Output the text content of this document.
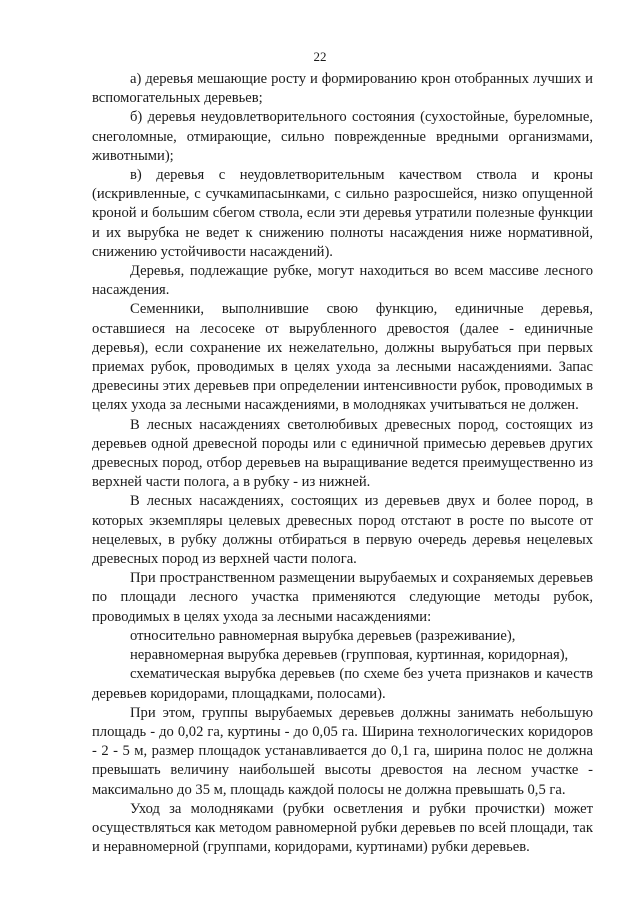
22

а) деревья мешающие росту и формированию крон отобранных лучших и вспомогательных деревьев;

б) деревья неудовлетворительного состояния (сухостойные, буреломные, снеголомные, отмирающие, сильно поврежденные вредными организмами, животными);

в) деревья с неудовлетворительным качеством ствола и кроны (искривленные, с сучкамипасынками, с сильно разросшейся, низко опущенной кроной и большим сбегом ствола, если эти деревья утратили полезные функции и их вырубка не ведет к снижению полноты насаждения ниже нормативной, снижению устойчивости насаждений).

Деревья, подлежащие рубке, могут находиться во всем массиве лесного насаждения.

Семенники, выполнившие свою функцию, единичные деревья, оставшиеся на лесосеке от вырубленного древостоя (далее - единичные деревья), если сохранение их нежелательно, должны вырубаться при первых приемах рубок, проводимых в целях ухода за лесными насаждениями. Запас древесины этих деревьев при определении интенсивности рубок, проводимых в целях ухода за лесными насаждениями, в молодняках учитываться не должен.

В лесных насаждениях светолюбивых древесных пород, состоящих из деревьев одной древесной породы или с единичной примесью деревьев других древесных пород, отбор деревьев на выращивание ведется преимущественно из верхней части полога, а в рубку - из нижней.

В лесных насаждениях, состоящих из деревьев двух и более пород, в которых экземпляры целевых древесных пород отстают в росте по высоте от нецелевых, в рубку должны отбираться в первую очередь деревья нецелевых древесных пород из верхней части полога.

При пространственном размещении вырубаемых и сохраняемых деревьев по площади лесного участка применяются следующие методы рубок, проводимых в целях ухода за лесными насаждениями:

относительно равномерная вырубка деревьев (разреживание),

неравномерная вырубка деревьев (групповая, куртинная, коридорная),

схематическая вырубка деревьев (по схеме без учета признаков и качеств деревьев коридорами, площадками, полосами).

При этом, группы вырубаемых деревьев должны занимать небольшую площадь - до 0,02 га, куртины - до 0,05 га. Ширина технологических коридоров - 2 - 5 м, размер площадок устанавливается до 0,1 га, ширина полос не должна превышать величину наибольшей высоты древостоя на лесном участке - максимально до 35 м, площадь каждой полосы не должна превышать 0,5 га.

Уход за молодняками (рубки осветления и рубки прочистки) может осуществляться как методом равномерной рубки деревьев по всей площади, так и неравномерной (группами, коридорами, куртинами) рубки деревьев.
